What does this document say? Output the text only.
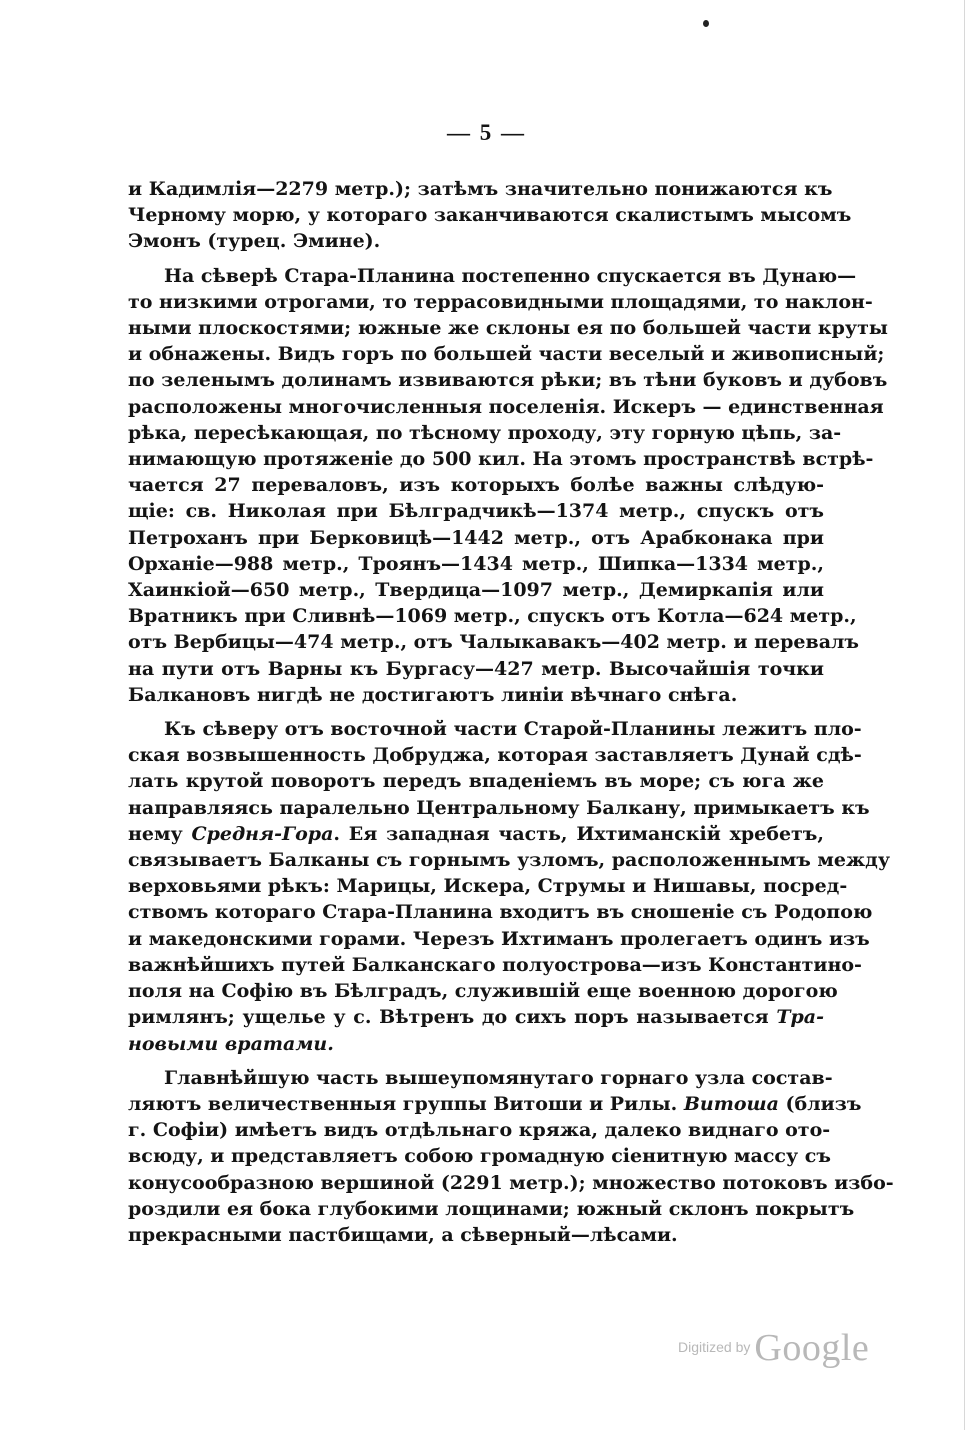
— 5 —
и Кадимлія—2279 метр.); затѣмъ значительно понижаются къ
Черному морю, у котораго заканчиваются скалистымъ мысомъ
Эмонъ (турец. Эмине).
На сѣверѣ Стара-Планина постепенно спускается въ Дунаю—
то низкими отрогами, то террасовидными площадями, то наклон-
ными плоскостями; южные же склоны ея по большей части круты
и обнажены. Видъ горъ по большей части веселый и живописный;
по зеленымъ долинамъ извиваются рѣки; въ тѣни буковъ и дубовъ
расположены многочисленныя поселенія. Искеръ — единственная
рѣка, пересѣкающая, по тѣсному проходу, эту горную цѣпь, за-
нимающую протяженіе до 500 кил. На этомъ пространствѣ встрѣ-
чается 27 переваловъ, изъ которыхъ болѣе важны слѣдую-
щіе: св. Николая при Бѣлградчикѣ—1374 метр., спускъ отъ
Петроханъ при Берковицѣ—1442 метр., отъ Арабконака при
Орханіе—988 метр., Троянъ—1434 метр., Шипка—1334 метр.,
Хаинкіой—650 метр., Твердица—1097 метр., Демиркапія или
Вратникъ при Сливнѣ—1069 метр., спускъ отъ Котла—624 метр.,
отъ Вербицы—474 метр., отъ Чалыкавакъ—402 метр. и перевалъ
на пути отъ Варны къ Бургасу—427 метр. Высочайшія точки
Балкановъ нигдѣ не достигаютъ линіи вѣчнаго снѣга.
Къ сѣверу отъ восточной части Старой-Планины лежитъ пло-
ская возвышенность Добруджа, которая заставляетъ Дунай сдѣ-
лать крутой поворотъ передъ впаденіемъ въ море; съ юга же
направляясь паралельно Центральному Балкану, примыкаетъ къ
нему Средня-Гора. Ея западная часть, Ихтиманскій хребетъ,
связываетъ Балканы съ горнымъ узломъ, расположеннымъ между
верховьями рѣкъ: Марицы, Искера, Струмы и Нишавы, посред-
ствомъ котораго Стара-Планина входитъ въ сношеніе съ Родопою
и македонскими горами. Черезъ Ихтиманъ пролегаетъ одинъ изъ
важнѣйшихъ путей Балканскаго полуострова—изъ Константино-
поля на Софію въ Бѣлградъ, служившій еще военною дорогою
римлянъ; ущелье у с. Вѣтренъ до сихъ поръ называется Тра-
новыми вратами.
Главнѣйшую часть вышеупомянутаго горнаго узла состав-
ляютъ величественныя группы Витоши и Рилы. Витоша (близъ
г. Софіи) имѣетъ видъ отдѣльнаго кряжа, далеко виднаго ото-
всюду, и представляетъ собою громадную сіенитную массу съ
конусообразною вершиной (2291 метр.); множество потоковъ избо-
роздили ея бока глубокими лощинами; южный склонъ покрытъ
прекрасными пастбищами, а сѣверный—лѣсами.
Digitized by Google
